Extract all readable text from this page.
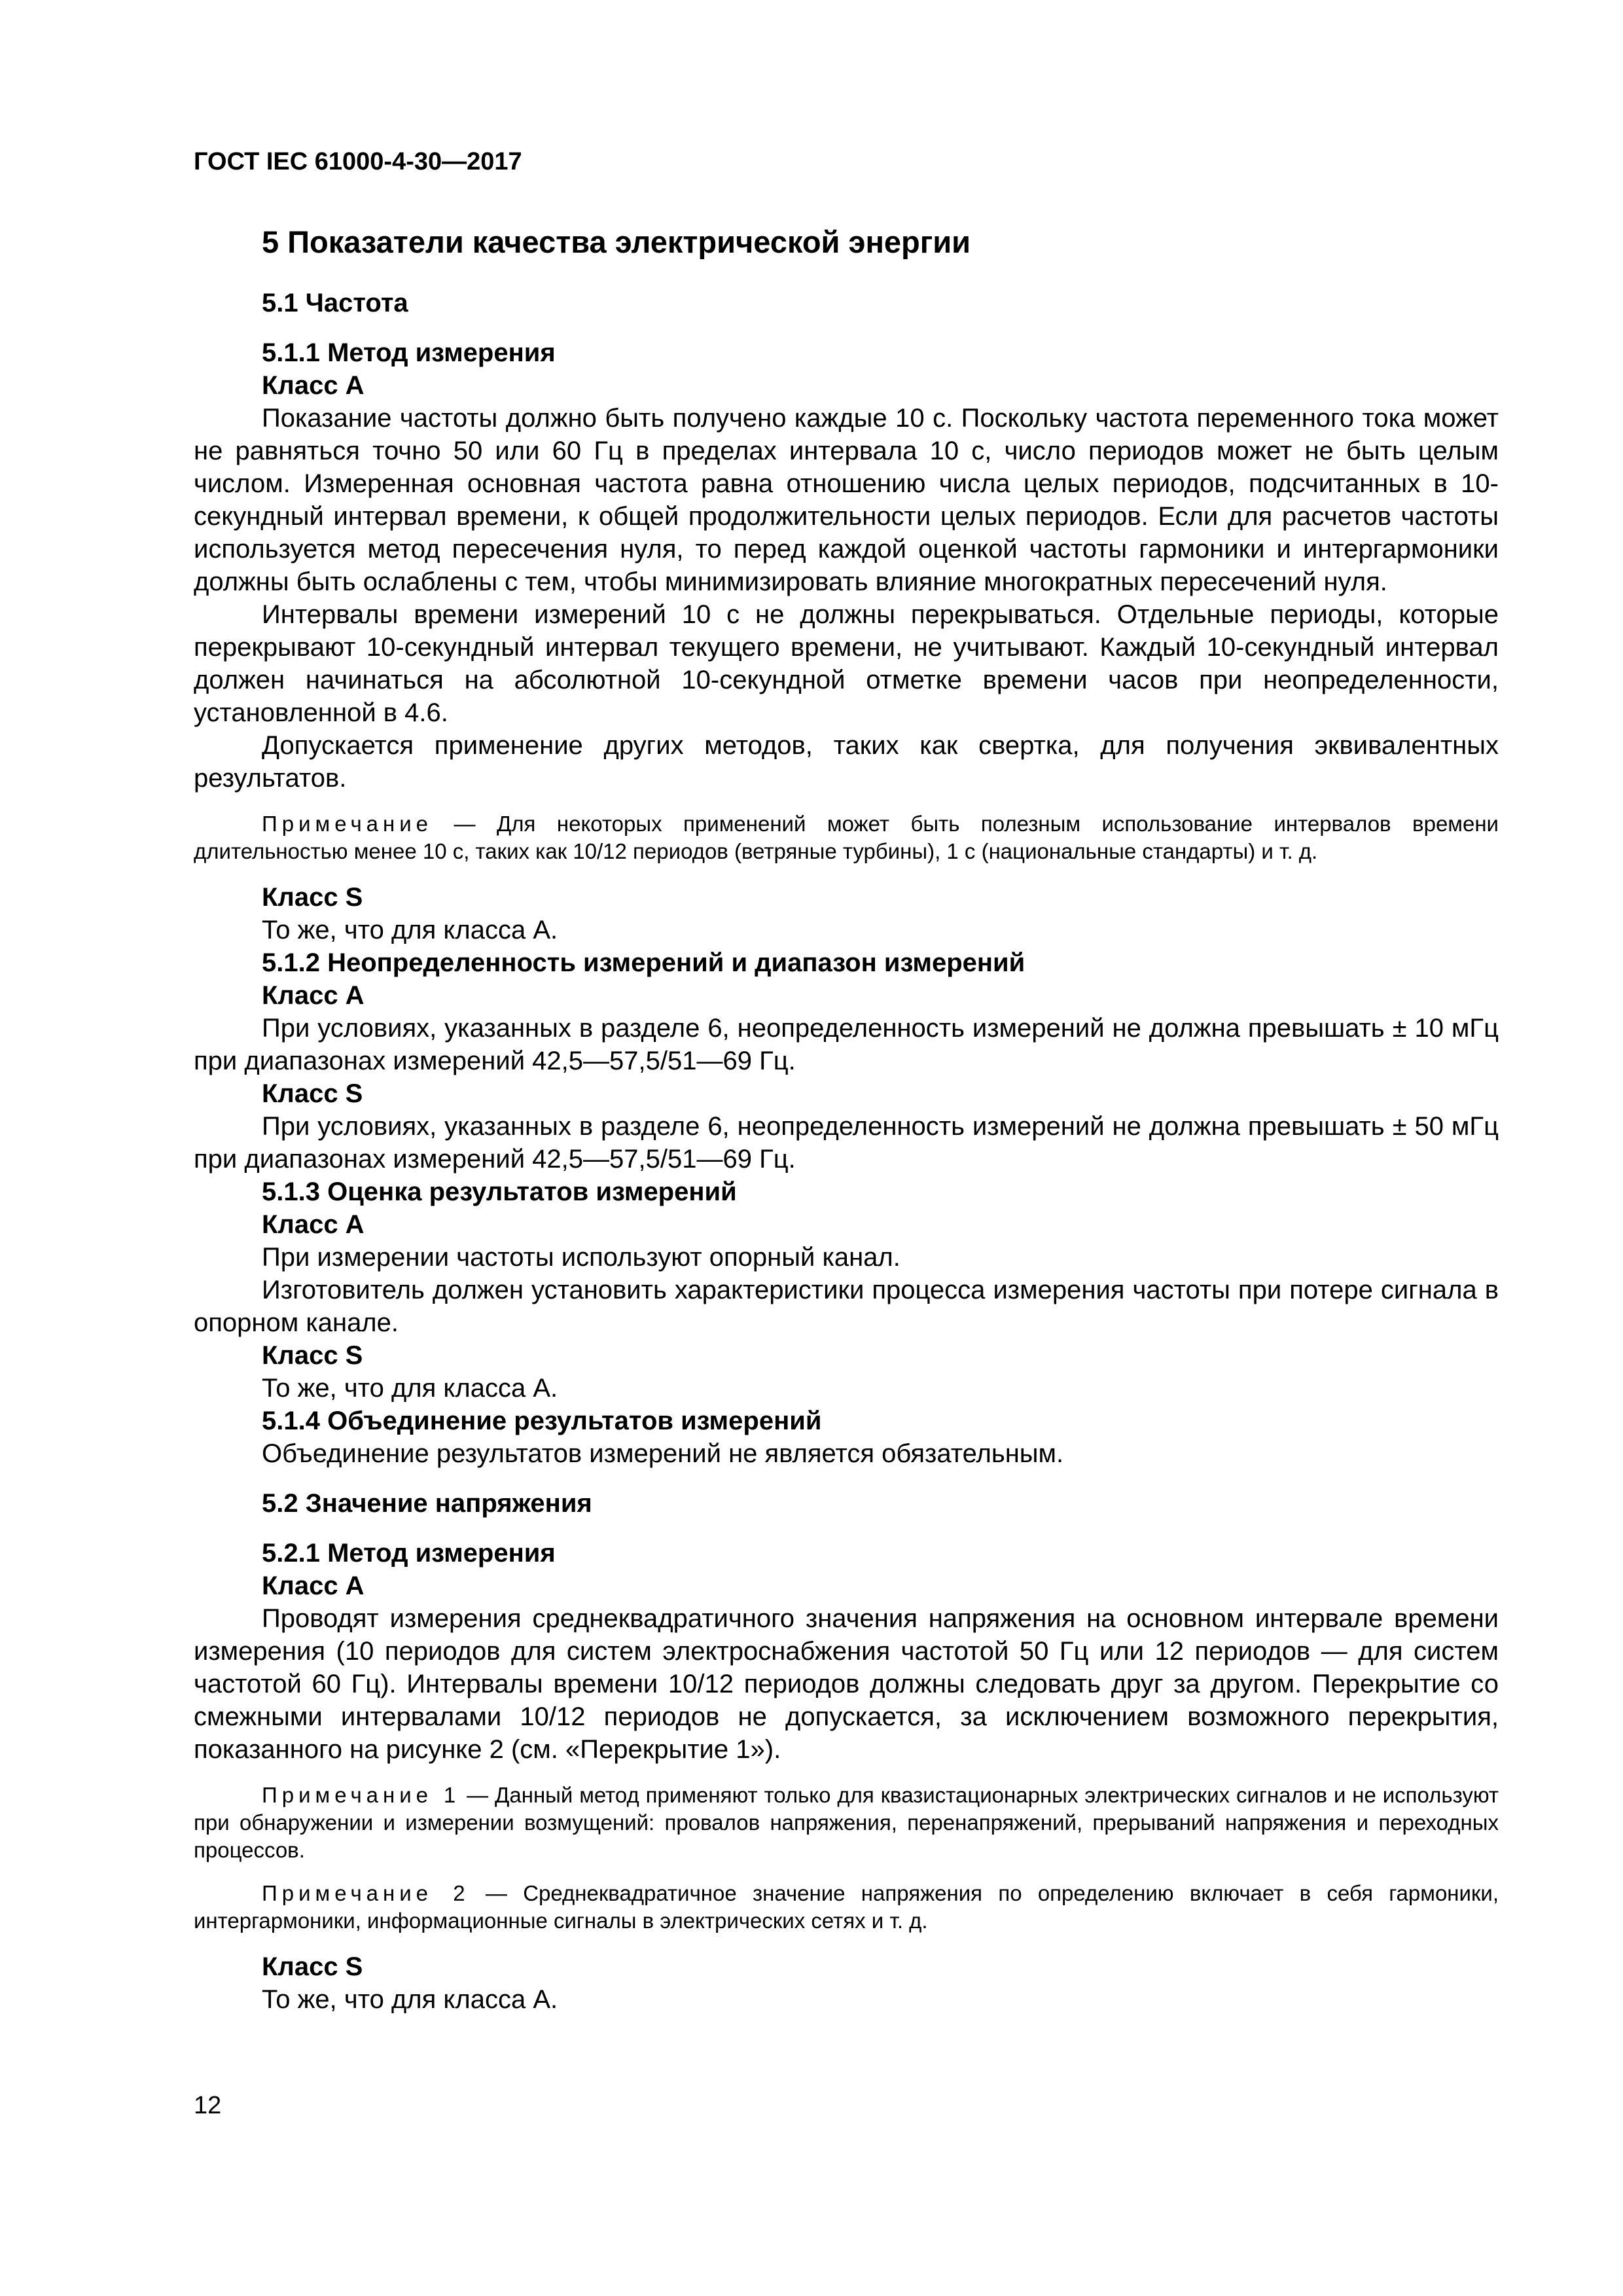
ГОСТ IEC 61000-4-30—2017
5 Показатели качества электрической энергии
5.1 Частота
5.1.1 Метод измерения
Класс А
Показание частоты должно быть получено каждые 10 с. Поскольку частота переменного тока может не равняться точно 50 или 60 Гц в пределах интервала 10 с, число периодов может не быть целым числом. Измеренная основная частота равна отношению числа целых периодов, подсчитанных в 10-секундный интервал времени, к общей продолжительности целых периодов. Если для расчетов частоты используется метод пересечения нуля, то перед каждой оценкой частоты гармоники и интергармоники должны быть ослаблены с тем, чтобы минимизировать влияние многократных пересечений нуля.
Интервалы времени измерений 10 с не должны перекрываться. Отдельные периоды, которые перекрывают 10-секундный интервал текущего времени, не учитывают. Каждый 10-секундный интервал должен начинаться на абсолютной 10-секундной отметке времени часов при неопределенности, установленной в 4.6.
Допускается применение других методов, таких как свертка, для получения эквивалентных результатов.
Примечание — Для некоторых применений может быть полезным использование интервалов времени длительностью менее 10 с, таких как 10/12 периодов (ветряные турбины), 1 с (национальные стандарты) и т. д.
Класс S
То же, что для класса А.
5.1.2 Неопределенность измерений и диапазон измерений
Класс А
При условиях, указанных в разделе 6, неопределенность измерений не должна превышать ± 10 мГц при диапазонах измерений 42,5—57,5/51—69 Гц.
Класс S
При условиях, указанных в разделе 6, неопределенность измерений не должна превышать ± 50 мГц при диапазонах измерений 42,5—57,5/51—69 Гц.
5.1.3 Оценка результатов измерений
Класс А
При измерении частоты используют опорный канал.
Изготовитель должен установить характеристики процесса измерения частоты при потере сигнала в опорном канале.
Класс S
То же, что для класса А.
5.1.4 Объединение результатов измерений
Объединение результатов измерений не является обязательным.
5.2 Значение напряжения
5.2.1 Метод измерения
Класс А
Проводят измерения среднеквадратичного значения напряжения на основном интервале времени измерения (10 периодов для систем электроснабжения частотой 50 Гц или 12 периодов — для систем частотой 60 Гц). Интервалы времени 10/12 периодов должны следовать друг за другом. Перекрытие со смежными интервалами 10/12 периодов не допускается, за исключением возможного перекрытия, показанного на рисунке 2 (см. «Перекрытие 1»).
Примечание 1 — Данный метод применяют только для квазистационарных электрических сигналов и не используют при обнаружении и измерении возмущений: провалов напряжения, перенапряжений, прерываний напряжения и переходных процессов.
Примечание 2 — Среднеквадратичное значение напряжения по определению включает в себя гармоники, интергармоники, информационные сигналы в электрических сетях и т. д.
Класс S
То же, что для класса А.
12
